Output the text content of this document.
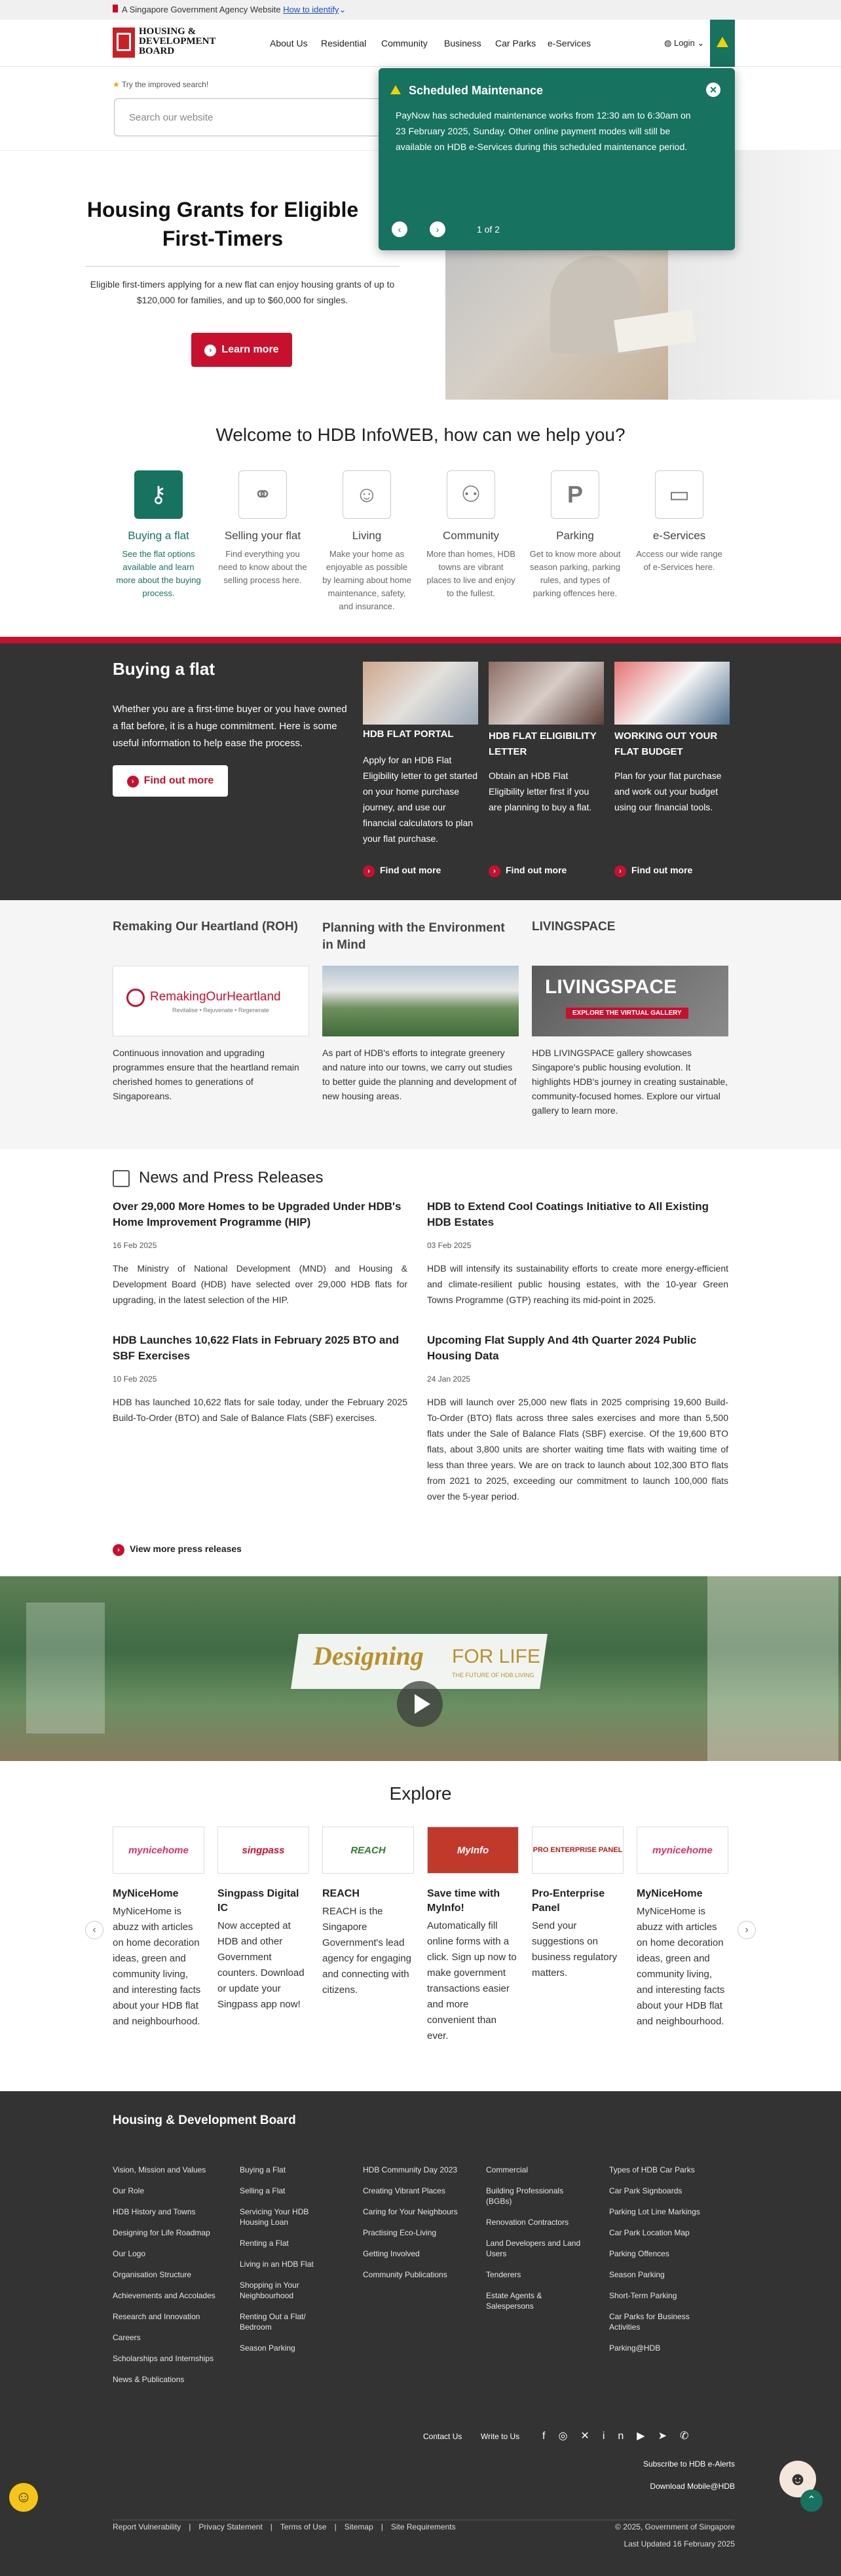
A Singapore Government Agency Website How to identify⌄
HOUSING &
DEVELOPMENT
BOARD
About Us Residential Community Business Car Parks e-Services	◍ Login ⌄
★ Try the improved search!
Search our website
Housing Grants for Eligible First-Timers
Eligible first-timers applying for a new flat can enjoy housing grants of up to $120,000 for families, and up to $60,000 for singles.
› Learn more
Scheduled Maintenance	✕
PayNow has scheduled maintenance works from 12:30 am to 6:30am on 23 February 2025, Sunday. Other online payment modes will still be available on HDB e-Services during this scheduled maintenance period.
‹	›	1 of 2
Welcome to HDB InfoWEB, how can we help you?
⚷
Buying a flat
See the flat options available and learn more about the buying process.
⚭
Selling your flat
Find everything you need to know about the selling process here.
☺
Living
Make your home as enjoyable as possible by learning about home maintenance, safety, and insurance.
⚇
Community
More than homes, HDB towns are vibrant places to live and enjoy to the fullest.
P
Parking
Get to know more about season parking, parking rules, and types of parking offences here.
▭
e-Services
Access our wide range of e-Services here.
Buying a flat
Whether you are a first-time buyer or you have owned a flat before, it is a huge commitment. Here is some useful information to help ease the process.
› Find out more
HDB FLAT PORTAL
Apply for an HDB Flat Eligibility letter to get started on your home purchase journey, and use our financial calculators to plan your flat purchase.
› Find out more
HDB FLAT ELIGIBILITY LETTER
Obtain an HDB Flat Eligibility letter first if you are planning to buy a flat.
› Find out more
WORKING OUT YOUR FLAT BUDGET
Plan for your flat purchase and work out your budget using our financial tools.
› Find out more
Remaking Our Heartland (ROH)
RemakingOurHeartland
Revitalise • Rejuvenate • Regenerate
Continuous innovation and upgrading programmes ensure that the heartland remain cherished homes to generations of Singaporeans.
Planning with the Environment in Mind
As part of HDB's efforts to integrate greenery and nature into our towns, we carry out studies to better guide the planning and development of new housing areas.
LIVINGSPACE
LIVINGSPACE
EXPLORE THE VIRTUAL GALLERY
HDB LIVINGSPACE gallery showcases Singapore's public housing evolution. It highlights HDB's journey in creating sustainable, community-focused homes. Explore our virtual gallery to learn more.
News and Press Releases
Over 29,000 More Homes to be Upgraded Under HDB's Home Improvement Programme (HIP)
16 Feb 2025
The Ministry of National Development (MND) and Housing & Development Board (HDB) have selected over 29,000 HDB flats for upgrading, in the latest selection of the HIP.
HDB to Extend Cool Coatings Initiative to All Existing HDB Estates
03 Feb 2025
HDB will intensify its sustainability efforts to create more energy-efficient and climate-resilient public housing estates, with the 10-year Green Towns Programme (GTP) reaching its mid-point in 2025.
HDB Launches 10,622 Flats in February 2025 BTO and SBF Exercises
10 Feb 2025
HDB has launched 10,622 flats for sale today, under the February 2025 Build-To-Order (BTO) and Sale of Balance Flats (SBF) exercises.
Upcoming Flat Supply And 4th Quarter 2024 Public Housing Data
24 Jan 2025
HDB will launch over 25,000 new flats in 2025 comprising 19,600 Build-To-Order (BTO) flats across three sales exercises and more than 5,500 flats under the Sale of Balance Flats (SBF) exercise. Of the 19,600 BTO flats, about 3,800 units are shorter waiting time flats with waiting time of less than three years. We are on track to launch about 102,300 BTO flats from 2021 to 2025, exceeding our commitment to launch 100,000 flats over the 5-year period.
› View more press releases
Designing FOR LIFE
THE FUTURE OF HDB LIVING
Explore
‹	›
mynicehome
MyNiceHome
MyNiceHome is abuzz with articles on home decoration ideas, green and community living, and interesting facts about your HDB flat and neighbourhood.
singpass
Singpass Digital IC
Now accepted at HDB and other Government counters. Download or update your Singpass app now!
REACH
REACH
REACH is the Singapore Government's lead agency for engaging and connecting with citizens.
MyInfo
Save time with MyInfo!
Automatically fill online forms with a click. Sign up now to make government transactions easier and more convenient than ever.
PRO ENTERPRISE PANEL
Pro-Enterprise Panel
Send your suggestions on business regulatory matters.
mynicehome
MyNiceHome
MyNiceHome is abuzz with articles on home decoration ideas, green and community living, and interesting facts about your HDB flat and neighbourhood.
Housing & Development Board
About Us
Vision, Mission and Values
Our Role
HDB History and Towns
Designing for Life Roadmap
Our Logo
Organisation Structure
Achievements and Accolades
Research and Innovation
Careers
Scholarships and Internships
News & Publications
Residential
Buying a Flat
Selling a Flat
Servicing Your HDB Housing Loan
Renting a Flat
Living in an HDB Flat
Shopping in Your Neighbourhood
Renting Out a Flat/ Bedroom
Season Parking
Community
HDB Community Day 2023
Creating Vibrant Places
Caring for Your Neighbours
Practising Eco-Living
Getting Involved
Community Publications
Business
Commercial
Building Professionals (BGBs)
Renovation Contractors
Land Developers and Land Users
Tenderers
Estate Agents & Salespersons
Car Parks
Types of HDB Car Parks
Car Park Signboards
Parking Lot Line Markings
Car Park Location Map
Parking Offences
Season Parking
Short-Term Parking
Car Parks for Business Activities
Parking@HDB
Contact Us Write to Us f◎✕in▶➤✆
Subscribe to HDB e-Alerts
Download Mobile@HDB
☺
☻
⌃
Report Vulnerability | Privacy Statement | Terms of Use | Sitemap | Site Requirements	© 2025, Government of Singapore
Last Updated 16 February 2025
